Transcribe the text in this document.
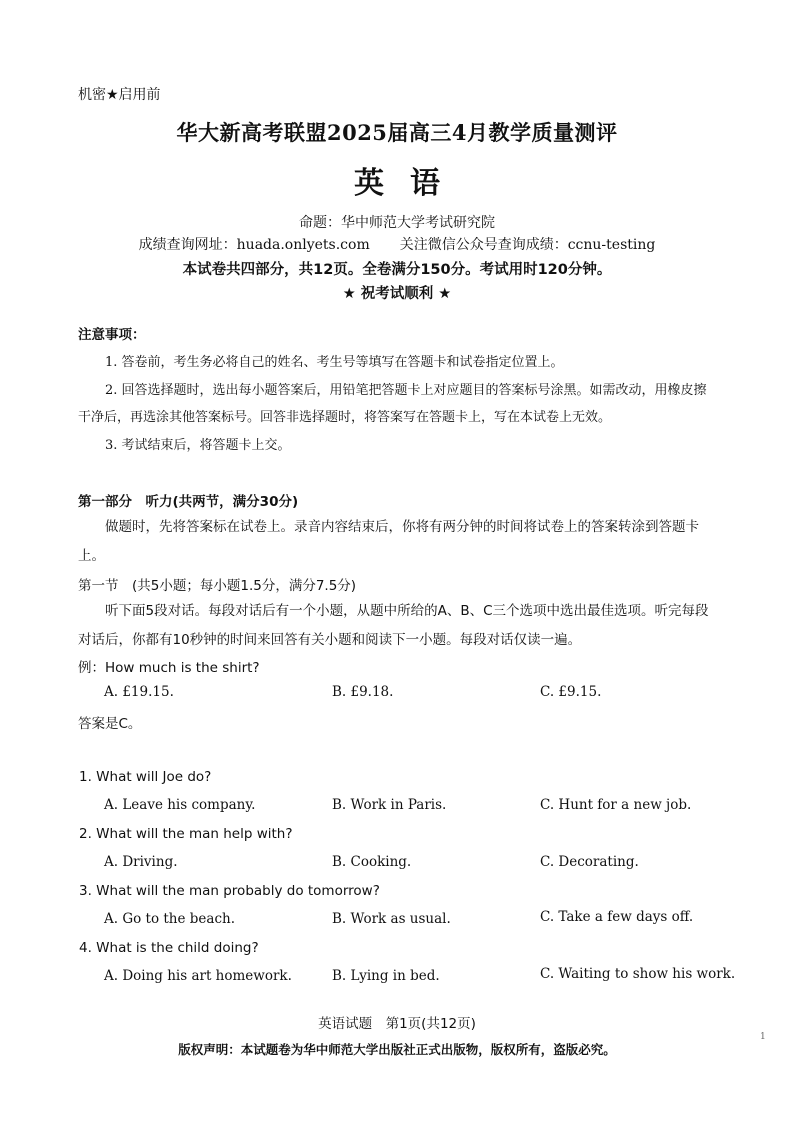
机密★启用前
华大新高考联盟2025届高三4月教学质量测评
英语
命题：华中师范大学考试研究院
成绩查询网址：huada.onlyets.com 关注微信公众号查询成绩：ccnu-testing
本试卷共四部分，共12页。全卷满分150分。考试用时120分钟。
★ 祝考试顺利 ★
注意事项：
1. 答卷前，考生务必将自己的姓名、考生号等填写在答题卡和试卷指定位置上。
2. 回答选择题时，选出每小题答案后，用铅笔把答题卡上对应题目的答案标号涂黑。如需改动，用橡皮擦干净后，再选涂其他答案标号。回答非选择题时，将答案写在答题卡上，写在本试卷上无效。
3. 考试结束后，将答题卡上交。
第一部分　听力(共两节，满分30分)
做题时，先将答案标在试卷上。录音内容结束后，你将有两分钟的时间将试卷上的答案转涂到答题卡上。
第一节　(共5小题；每小题1.5分，满分7.5分)
听下面5段对话。每段对话后有一个小题，从题中所给的A、B、C三个选项中选出最佳选项。听完每段对话后，你都有10秒钟的时间来回答有关小题和阅读下一小题。每段对话仅读一遍。
例：How much is the shirt?
A. £19.15.	B. £9.18.	C. £9.15.
答案是C。
1. What will Joe do?
A. Leave his company.	B. Work in Paris.	C. Hunt for a new job.
2. What will the man help with?
A. Driving.	B. Cooking.	C. Decorating.
3. What will the man probably do tomorrow?
A. Go to the beach.	B. Work as usual.	C. Take a few days off.
4. What is the child doing?
A. Doing his art homework.	B. Lying in bed.	C. Waiting to show his work.
英语试题　第1页(共12页)
版权声明：本试题卷为华中师范大学出版社正式出版物，版权所有，盗版必究。
1
